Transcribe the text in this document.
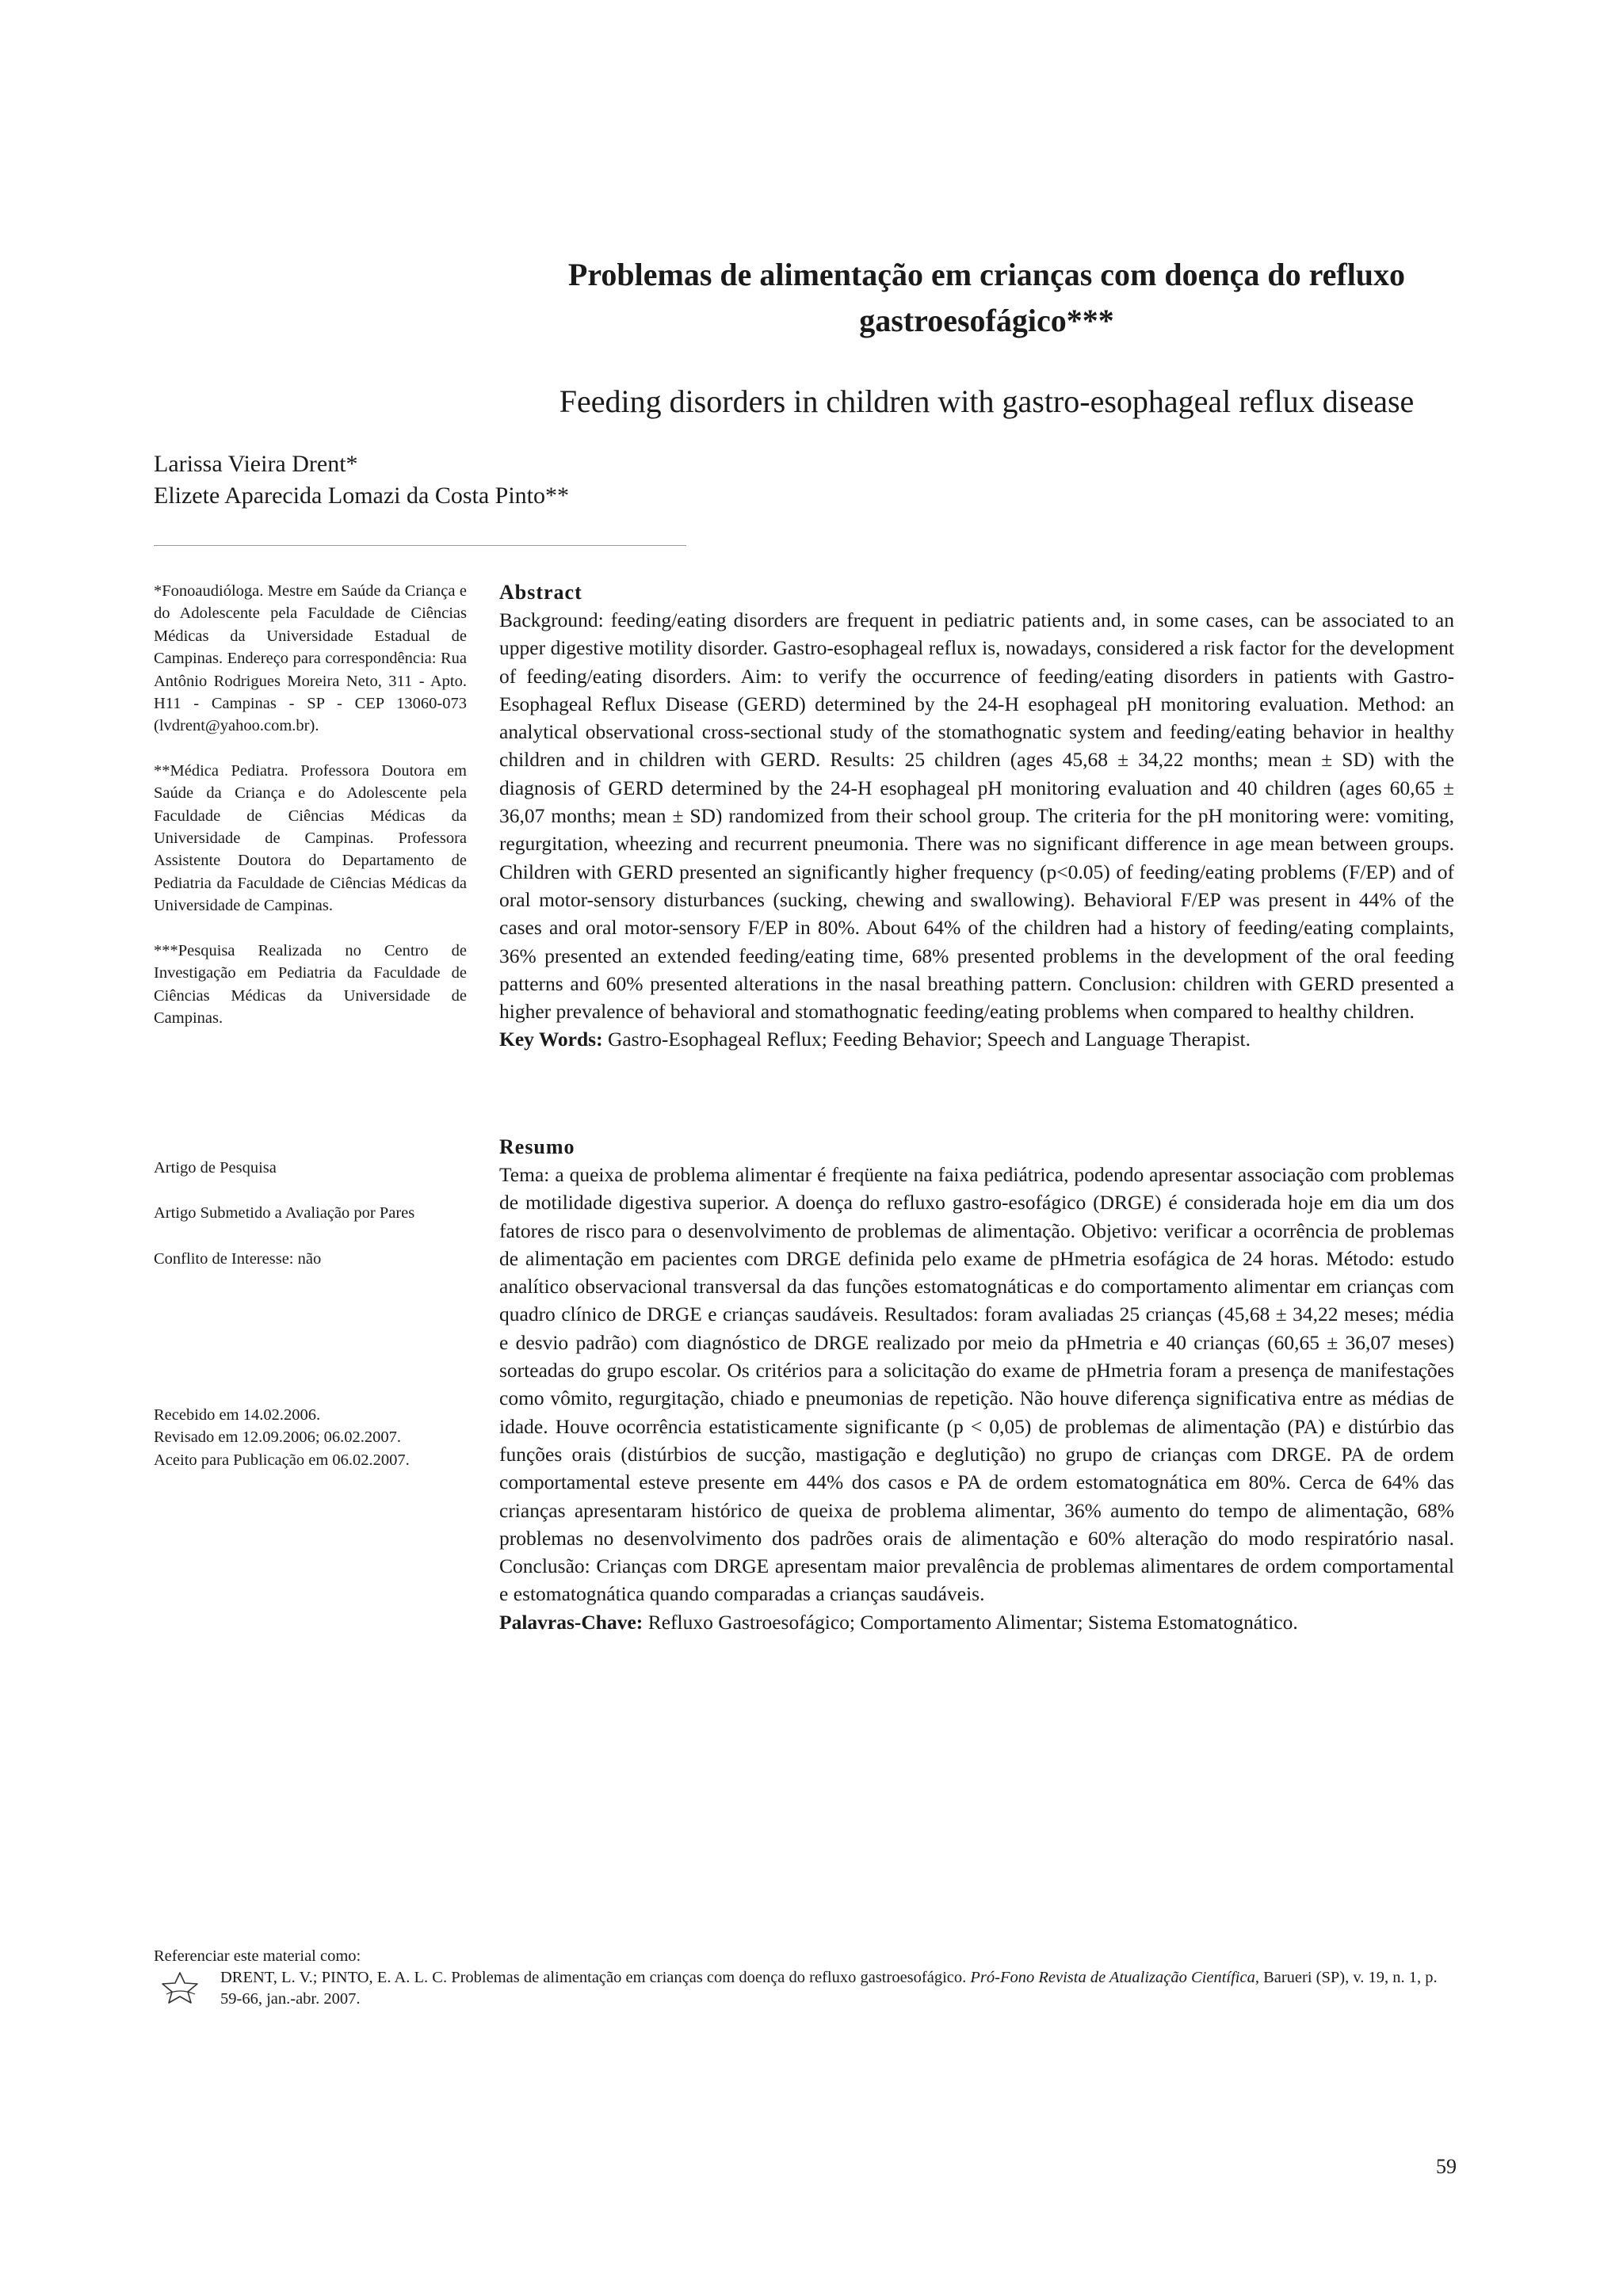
Problemas de alimentação em crianças com doença do refluxo
gastroesofágico***
Feeding disorders in children with gastro-esophageal reflux disease
Larissa Vieira Drent*
Elizete Aparecida Lomazi da Costa Pinto**

*Fonoaudióloga. Mestre em Saúde da Criança e do Adolescente pela Faculdade de Ciências Médicas da Universidade Estadual de Campinas. Endereço para correspondência: Rua Antônio Rodrigues Moreira Neto, 311 - Apto. H11 - Campinas - SP - CEP 13060-073 (lvdrent@yahoo.com.br).

**Médica Pediatra. Professora Doutora em Saúde da Criança e do Adolescente pela Faculdade de Ciências Médicas da Universidade de Campinas. Professora Assistente Doutora do Departamento de Pediatria da Faculdade de Ciências Médicas da Universidade de Campinas.

***Pesquisa Realizada no Centro de Investigação em Pediatria da Faculdade de Ciências Médicas da Universidade de Campinas.

Artigo de Pesquisa

Artigo Submetido a Avaliação por Pares

Conflito de Interesse: não

Recebido em 14.02.2006.

Revisado em 12.09.2006; 06.02.2007.

Aceito para Publicação em 06.02.2007.

Abstract

Background: feeding/eating disorders are frequent in pediatric patients and, in some cases, can be associated to an upper digestive motility disorder. Gastro-esophageal reflux is, nowadays, considered a risk factor for the development of feeding/eating disorders. Aim: to verify the occurrence of feeding/eating disorders in patients with Gastro-Esophageal Reflux Disease (GERD) determined by the 24-H esophageal pH monitoring evaluation. Method: an analytical observational cross-sectional study of the stomathognatic system and feeding/eating behavior in healthy children and in children with GERD. Results: 25 children (ages 45,68 ± 34,22 months; mean ± SD) with the diagnosis of GERD determined by the 24-H esophageal pH monitoring evaluation and 40 children (ages 60,65 ± 36,07 months; mean ± SD) randomized from their school group. The criteria for the pH monitoring were: vomiting, regurgitation, wheezing and recurrent pneumonia. There was no significant difference in age mean between groups. Children with GERD presented an significantly higher frequency (p<0.05) of feeding/eating problems (F/EP) and of oral motor-sensory disturbances (sucking, chewing and swallowing). Behavioral F/EP was present in 44% of the cases and oral motor-sensory F/EP in 80%. About 64% of the children had a history of feeding/eating complaints, 36% presented an extended feeding/eating time, 68% presented problems in the development of the oral feeding patterns and 60% presented alterations in the nasal breathing pattern. Conclusion: children with GERD presented a higher prevalence of behavioral and stomathognatic feeding/eating problems when compared to healthy children.

Key Words: Gastro-Esophageal Reflux; Feeding Behavior; Speech and Language Therapist.

Resumo

Tema: a queixa de problema alimentar é freqüente na faixa pediátrica, podendo apresentar associação com problemas de motilidade digestiva superior. A doença do refluxo gastro-esofágico (DRGE) é considerada hoje em dia um dos fatores de risco para o desenvolvimento de problemas de alimentação. Objetivo: verificar a ocorrência de problemas de alimentação em pacientes com DRGE definida pelo exame de pHmetria esofágica de 24 horas. Método: estudo analítico observacional transversal da das funções estomatognáticas e do comportamento alimentar em crianças com quadro clínico de DRGE e crianças saudáveis. Resultados: foram avaliadas 25 crianças (45,68 ± 34,22 meses; média e desvio padrão) com diagnóstico de DRGE realizado por meio da pHmetria e 40 crianças (60,65 ± 36,07 meses) sorteadas do grupo escolar. Os critérios para a solicitação do exame de pHmetria foram a presença de manifestações como vômito, regurgitação, chiado e pneumonias de repetição. Não houve diferença significativa entre as médias de idade. Houve ocorrência estatisticamente significante (p < 0,05) de problemas de alimentação (PA) e distúrbio das funções orais (distúrbios de sucção, mastigação e deglutição) no grupo de crianças com DRGE. PA de ordem comportamental esteve presente em 44% dos casos e PA de ordem estomatognática em 80%. Cerca de 64% das crianças apresentaram histórico de queixa de problema alimentar, 36% aumento do tempo de alimentação, 68% problemas no desenvolvimento dos padrões orais de alimentação e 60% alteração do modo respiratório nasal. Conclusão: Crianças com DRGE apresentam maior prevalência de problemas alimentares de ordem comportamental e estomatognática quando comparadas a crianças saudáveis.

Palavras-Chave: Refluxo Gastroesofágico; Comportamento Alimentar; Sistema Estomatognático.

Referenciar este material como:

DRENT, L. V.; PINTO, E. A. L. C. Problemas de alimentação em crianças com doença do refluxo gastroesofágico. Pró-Fono Revista de Atualização Científica, Barueri (SP), v. 19, n. 1, p. 59-66, jan.-abr. 2007.
59
